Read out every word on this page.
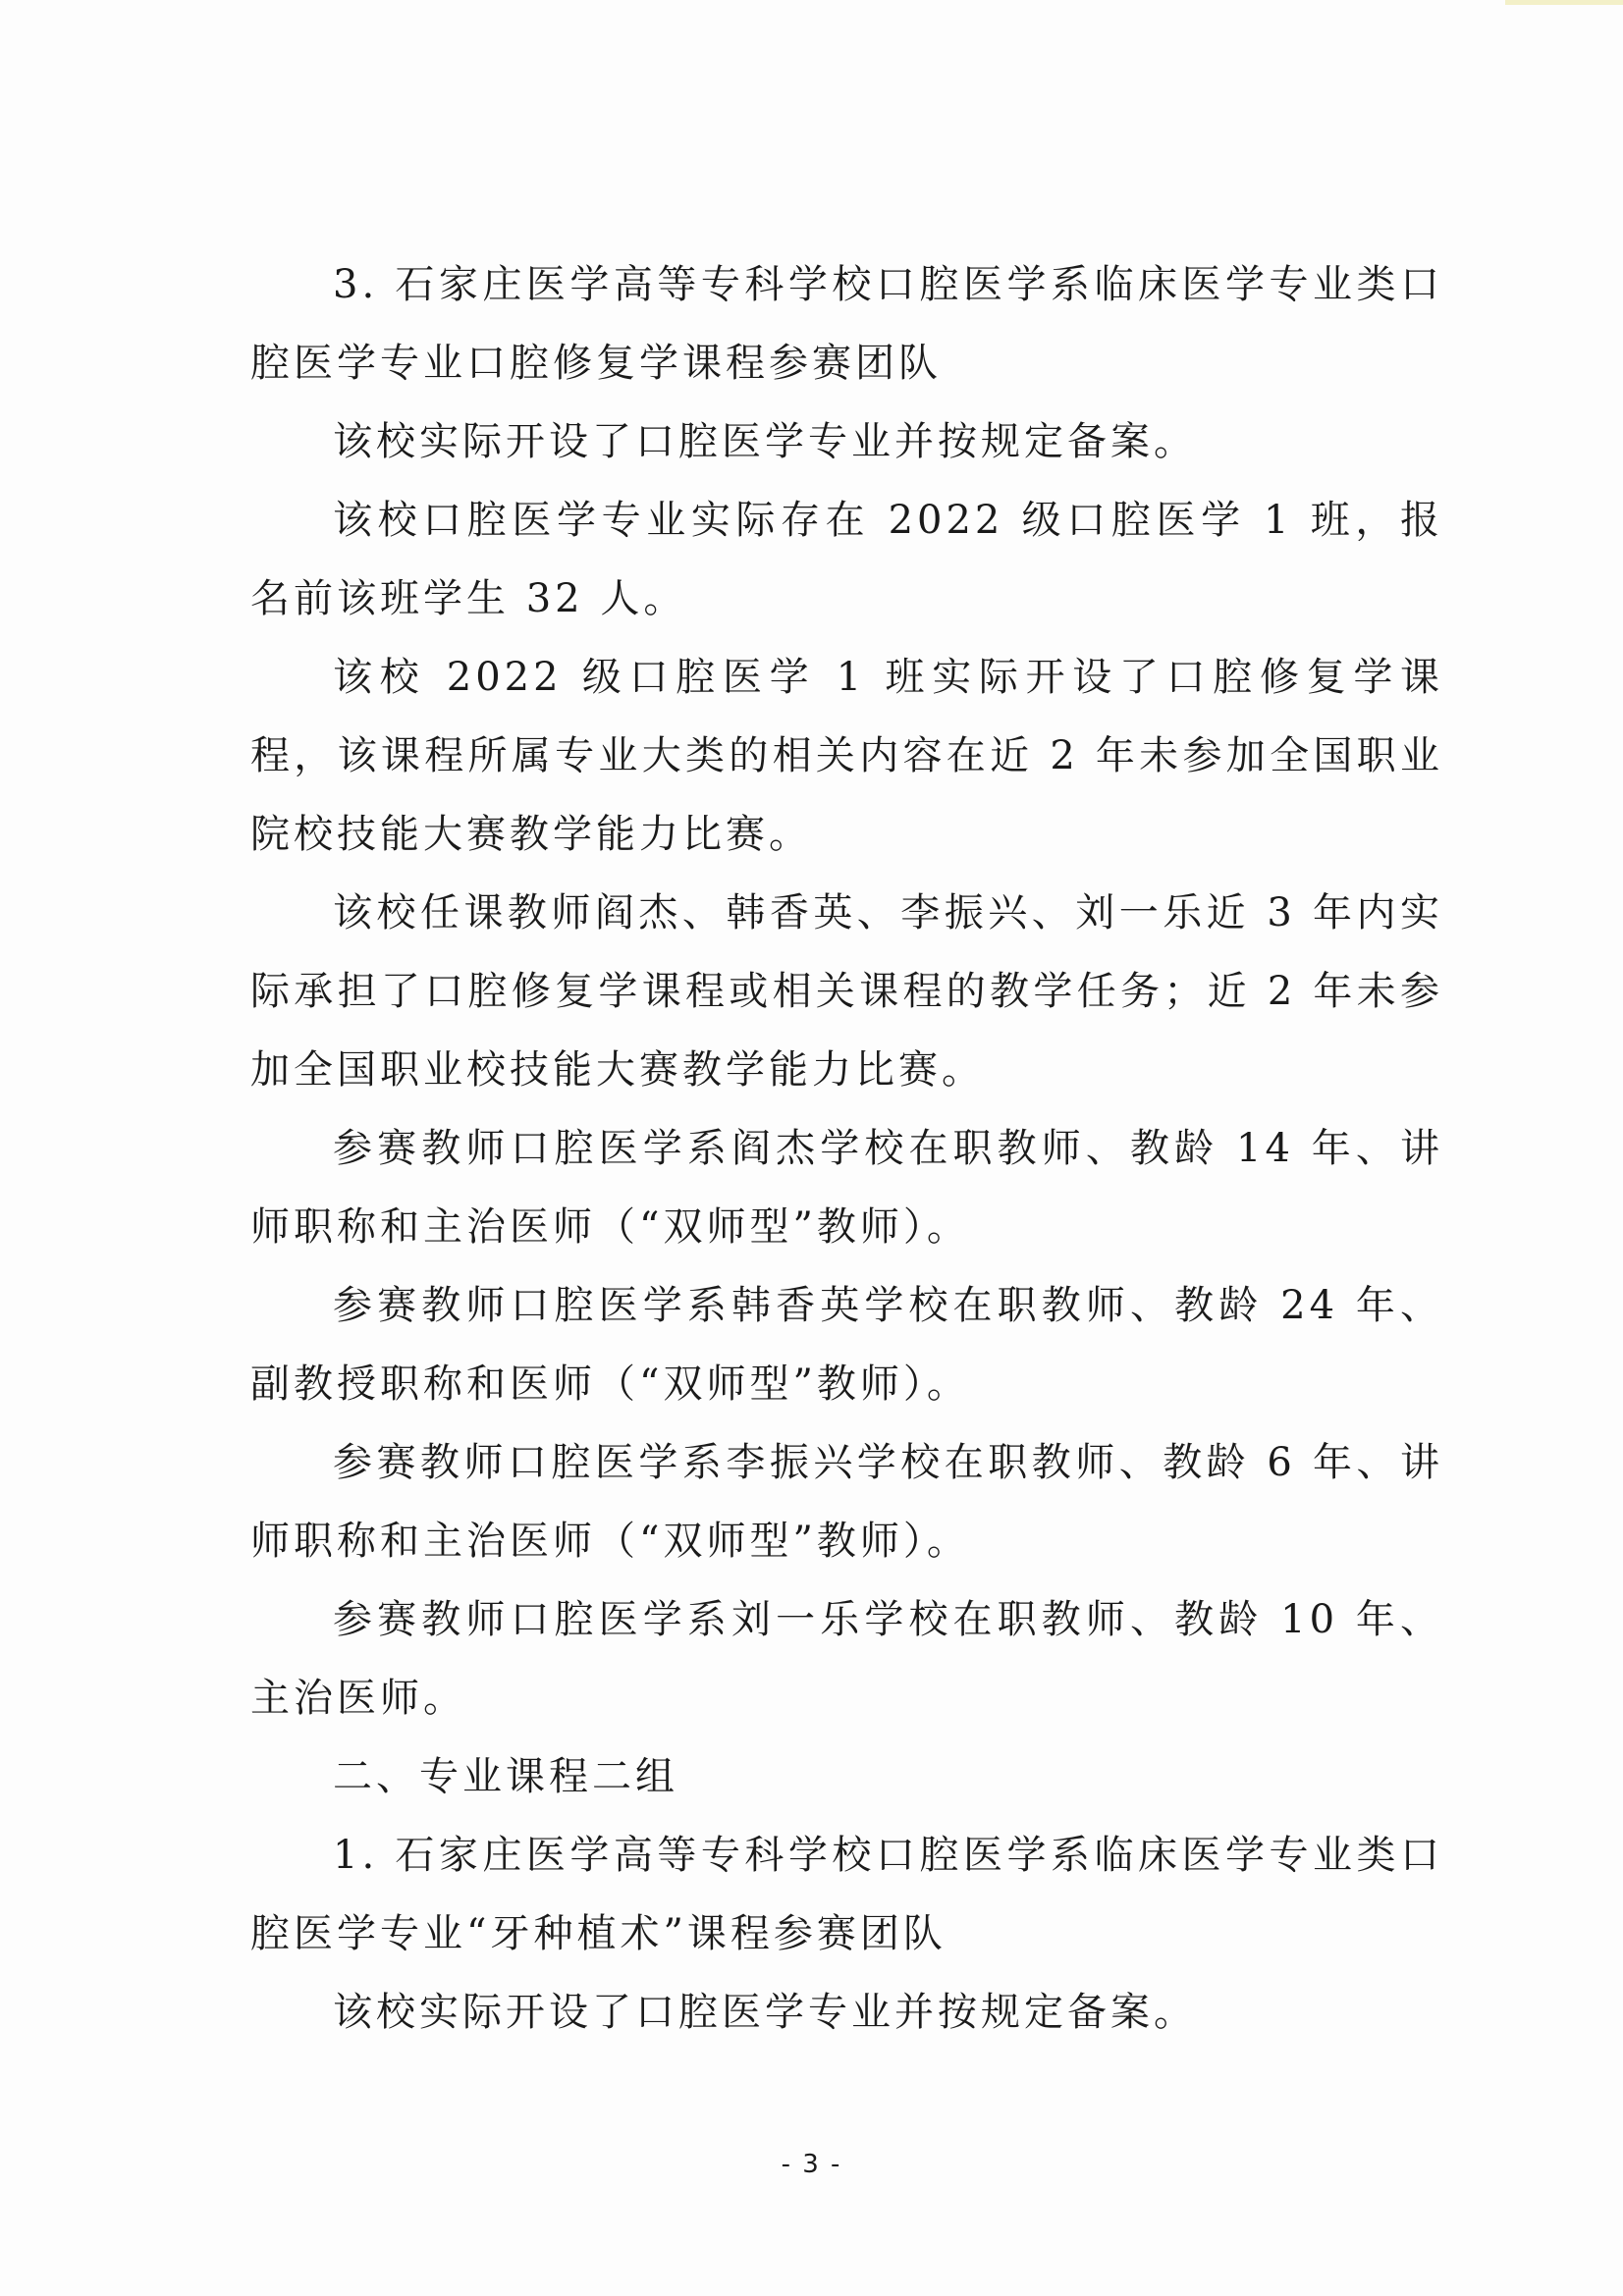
3. 石家庄医学高等专科学校口腔医学系临床医学专业类口腔医学专业口腔修复学课程参赛团队

该校实际开设了口腔医学专业并按规定备案。

该校口腔医学专业实际存在 2022 级口腔医学 1 班，报名前该班学生 32 人。

该校 2022 级口腔医学 1 班实际开设了口腔修复学课程，该课程所属专业大类的相关内容在近 2 年未参加全国职业院校技能大赛教学能力比赛。

该校任课教师阎杰、韩香英、李振兴、刘一乐近 3 年内实际承担了口腔修复学课程或相关课程的教学任务；近 2 年未参加全国职业校技能大赛教学能力比赛。

参赛教师口腔医学系阎杰学校在职教师、教龄 14 年、讲师职称和主治医师（“双师型”教师）。

参赛教师口腔医学系韩香英学校在职教师、教龄 24 年、副教授职称和医师（“双师型”教师）。

参赛教师口腔医学系李振兴学校在职教师、教龄 6 年、讲师职称和主治医师（“双师型”教师）。

参赛教师口腔医学系刘一乐学校在职教师、教龄 10 年、主治医师。

二、专业课程二组

1. 石家庄医学高等专科学校口腔医学系临床医学专业类口腔医学专业“牙种植术”课程参赛团队

该校实际开设了口腔医学专业并按规定备案。

- 3 -
